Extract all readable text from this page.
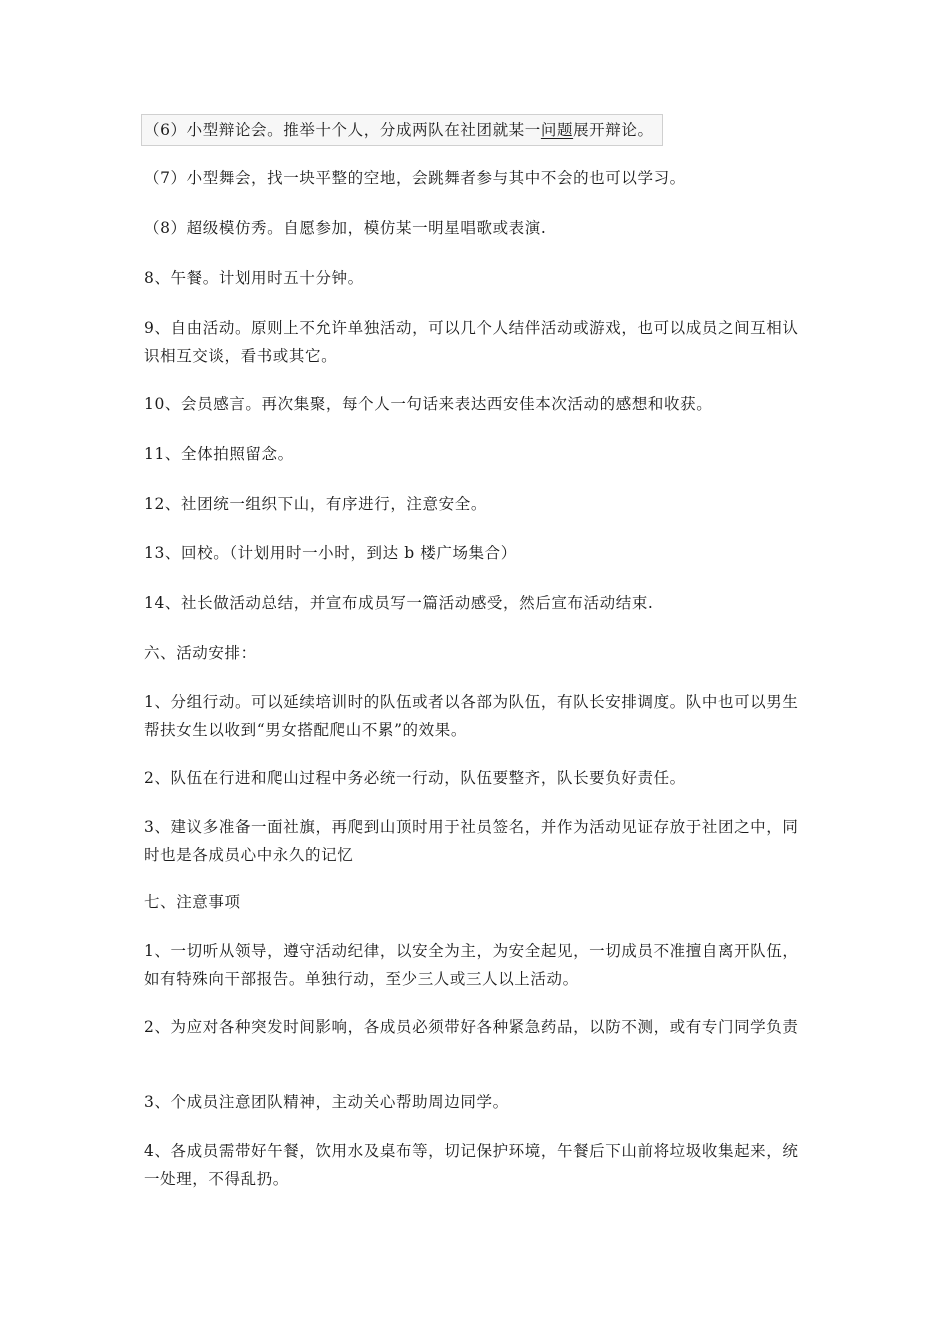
（6）小型辩论会。推举十个人，分成两队在社团就某一问题展开辩论。

（7）小型舞会，找一块平整的空地，会跳舞者参与其中不会的也可以学习。

（8）超级模仿秀。自愿参加，模仿某一明星唱歌或表演.

8、午餐。计划用时五十分钟。

9、自由活动。原则上不允许单独活动，可以几个人结伴活动或游戏，也可以成员之间互相认识相互交谈，看书或其它。

10、会员感言。再次集聚，每个人一句话来表达西安佳本次活动的感想和收获。

11、全体拍照留念。

12、社团统一组织下山，有序进行，注意安全。

13、回校。（计划用时一小时，到达 b 楼广场集合）

14、社长做活动总结，并宣布成员写一篇活动感受，然后宣布活动结束.

六、活动安排：

1、分组行动。可以延续培训时的队伍或者以各部为队伍，有队长安排调度。队中也可以男生帮扶女生以收到“男女搭配爬山不累”的效果。

2、队伍在行进和爬山过程中务必统一行动，队伍要整齐，队长要负好责任。

3、建议多准备一面社旗，再爬到山顶时用于社员签名，并作为活动见证存放于社团之中，同时也是各成员心中永久的记忆

七、注意事项

1、一切听从领导，遵守活动纪律，以安全为主，为安全起见，一切成员不准擅自离开队伍，如有特殊向干部报告。单独行动，至少三人或三人以上活动。

2、为应对各种突发时间影响，各成员必须带好各种紧急药品，以防不测，或有专门同学负责

3、个成员注意团队精神，主动关心帮助周边同学。

4、各成员需带好午餐，饮用水及桌布等，切记保护环境，午餐后下山前将垃圾收集起来，统一处理，不得乱扔。
